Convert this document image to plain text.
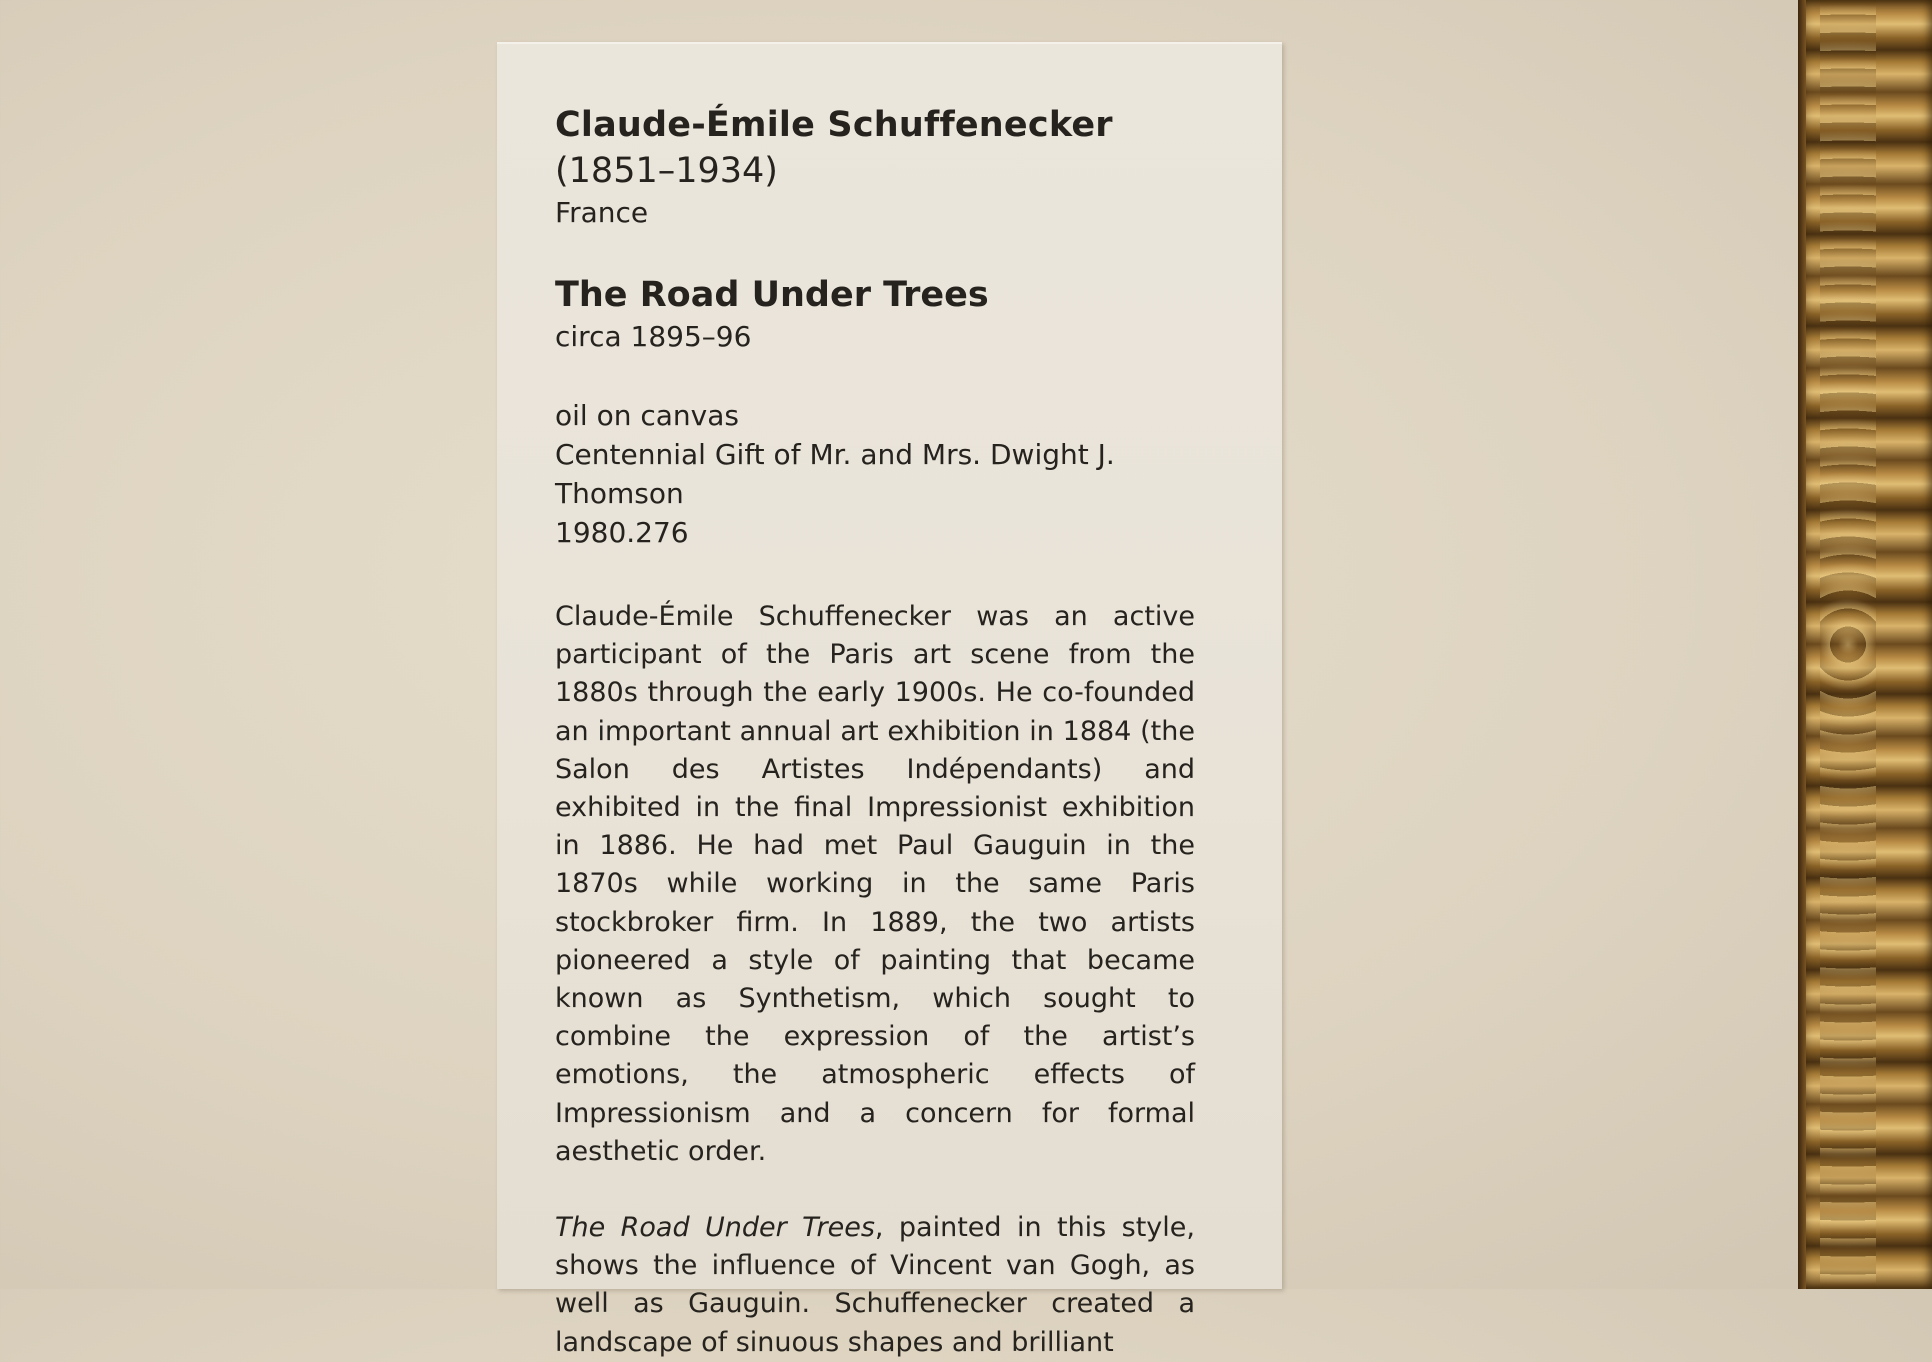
Claude-Émile Schuffenecker
(1851–1934)
France
The Road Under Trees
circa 1895–96
oil on canvas
Centennial Gift of Mr. and Mrs. Dwight J.
Thomson
1980.276

Claude-Émile Schuffenecker was an active participant of the Paris art scene from the 1880s through the early 1900s. He co-founded an important annual art exhibition in 1884 (the Salon des Artistes Indépendants) and exhibited in the final Impressionist exhibition in 1886. He had met Paul Gauguin in the 1870s while working in the same Paris stockbroker firm. In 1889, the two artists pioneered a style of painting that became known as Synthetism, which sought to combine the expression of the artist’s emotions, the atmospheric effects of Impressionism and a concern for formal aesthetic order.

The Road Under Trees, painted in this style, shows the influence of Vincent van Gogh, as well as Gauguin. Schuffenecker created a landscape of sinuous shapes and brilliant
